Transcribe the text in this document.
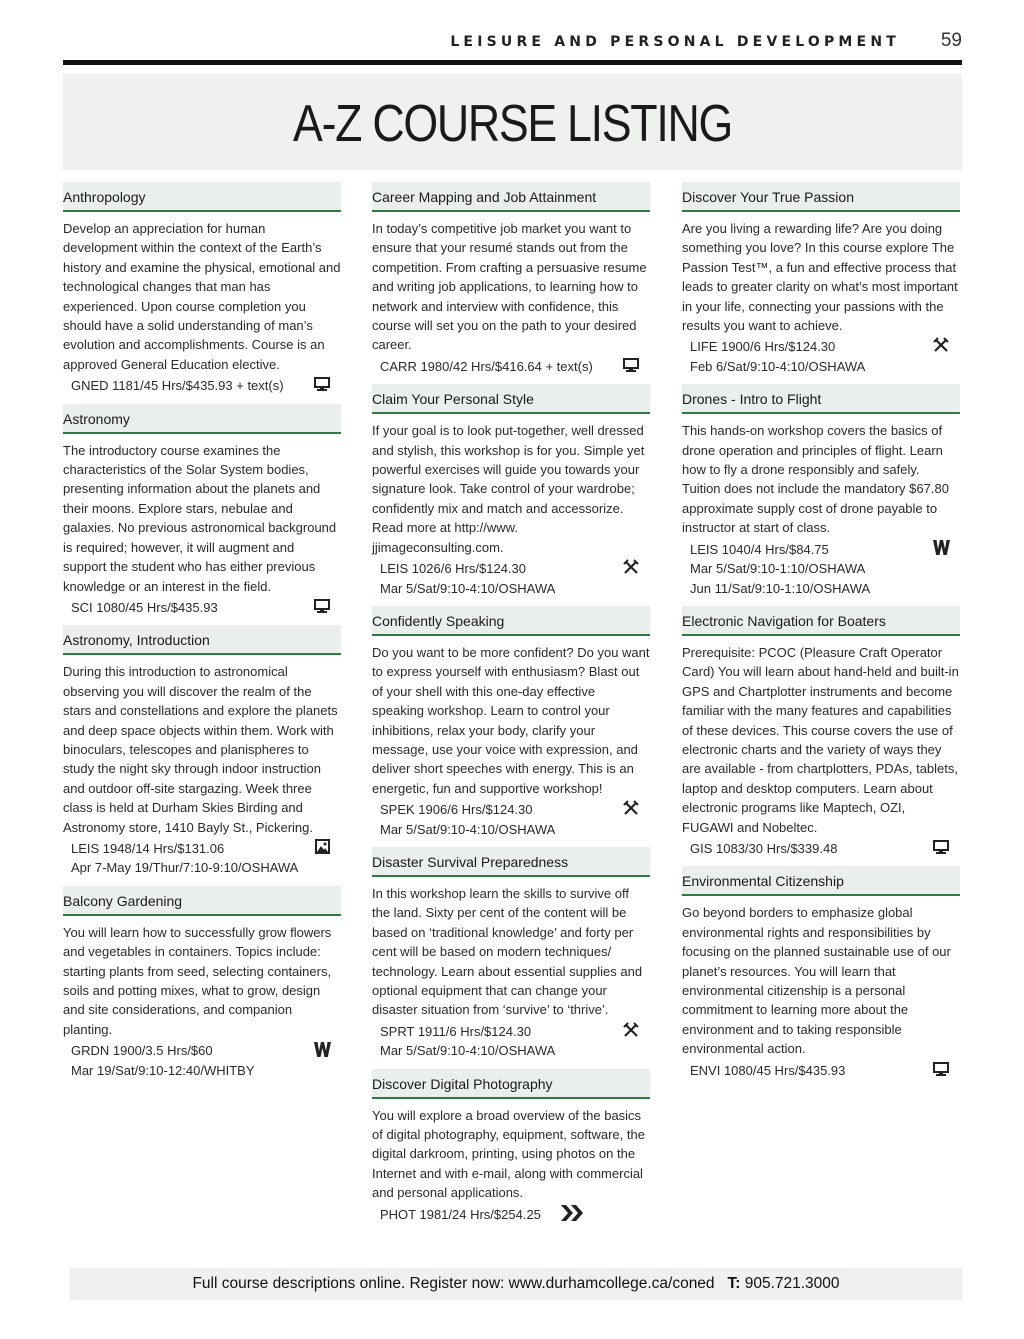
LEISURE AND PERSONAL DEVELOPMENT 59
A-Z COURSE LISTING
Anthropology
Develop an appreciation for human development within the context of the Earth’s history and examine the physical, emotional and technological changes that man has experienced. Upon course completion you should have a solid understanding of man’s evolution and accomplishments. Course is an approved General Education elective.
GNED 1181/45 Hrs/$435.93 + text(s)
Astronomy
The introductory course examines the characteristics of the Solar System bodies, presenting information about the planets and their moons. Explore stars, nebulae and galaxies. No previous astronomical background is required; however, it will augment and support the student who has either previous knowledge or an interest in the field.
SCI 1080/45 Hrs/$435.93
Astronomy, Introduction
During this introduction to astronomical observing you will discover the realm of the stars and constellations and explore the planets and deep space objects within them. Work with binoculars, telescopes and planispheres to study the night sky through indoor instruction and outdoor off-site stargazing. Week three class is held at Durham Skies Birding and Astronomy store, 1410 Bayly St., Pickering.
LEIS 1948/14 Hrs/$131.06
Apr 7-May 19/Thur/7:10-9:10/OSHAWA
Balcony Gardening
You will learn how to successfully grow flowers and vegetables in containers. Topics include: starting plants from seed, selecting containers, soils and potting mixes, what to grow, design and site considerations, and companion planting.
GRDN 1900/3.5 Hrs/$60
Mar 19/Sat/9:10-12:40/WHITBY
Career Mapping and Job Attainment
In today’s competitive job market you want to ensure that your resumé stands out from the competition. From crafting a persuasive resume and writing job applications, to learning how to network and interview with confidence, this course will set you on the path to your desired career.
CARR 1980/42 Hrs/$416.64 + text(s)
Claim Your Personal Style
If your goal is to look put-together, well dressed and stylish, this workshop is for you. Simple yet powerful exercises will guide you towards your signature look. Take control of your wardrobe; confidently mix and match and accessorize. Read more at http://www. jjimageconsulting.com.
LEIS 1026/6 Hrs/$124.30
Mar 5/Sat/9:10-4:10/OSHAWA
Confidently Speaking
Do you want to be more confident? Do you want to express yourself with enthusiasm? Blast out of your shell with this one-day effective speaking workshop. Learn to control your inhibitions, relax your body, clarify your message, use your voice with expression, and deliver short speeches with energy. This is an energetic, fun and supportive workshop!
SPEK 1906/6 Hrs/$124.30
Mar 5/Sat/9:10-4:10/OSHAWA
Disaster Survival Preparedness
In this workshop learn the skills to survive off the land. Sixty per cent of the content will be based on ‘traditional knowledge’ and forty per cent will be based on modern techniques/ technology. Learn about essential supplies and optional equipment that can change your disaster situation from ‘survive’ to ‘thrive’.
SPRT 1911/6 Hrs/$124.30
Mar 5/Sat/9:10-4:10/OSHAWA
Discover Digital Photography
You will explore a broad overview of the basics of digital photography, equipment, software, the digital darkroom, printing, using photos on the Internet and with e-mail, along with commercial and personal applications.
PHOT 1981/24 Hrs/$254.25
Discover Your True Passion
Are you living a rewarding life? Are you doing something you love? In this course explore The Passion Test™, a fun and effective process that leads to greater clarity on what’s most important in your life, connecting your passions with the results you want to achieve.
LIFE 1900/6 Hrs/$124.30
Feb 6/Sat/9:10-4:10/OSHAWA
Drones - Intro to Flight
This hands-on workshop covers the basics of drone operation and principles of flight. Learn how to fly a drone responsibly and safely. Tuition does not include the mandatory $67.80 approximate supply cost of drone payable to instructor at start of class.
LEIS 1040/4 Hrs/$84.75
Mar 5/Sat/9:10-1:10/OSHAWA
Jun 11/Sat/9:10-1:10/OSHAWA
Electronic Navigation for Boaters
Prerequisite: PCOC (Pleasure Craft Operator Card) You will learn about hand-held and built-in GPS and Chartplotter instruments and become familiar with the many features and capabilities of these devices. This course covers the use of electronic charts and the variety of ways they are available - from chartplotters, PDAs, tablets, laptop and desktop computers. Learn about electronic programs like Maptech, OZI, FUGAWI and Nobeltec.
GIS 1083/30 Hrs/$339.48
Environmental Citizenship
Go beyond borders to emphasize global environmental rights and responsibilities by focusing on the planned sustainable use of our planet’s resources. You will learn that environmental citizenship is a personal commitment to learning more about the environment and to taking responsible environmental action.
ENVI 1080/45 Hrs/$435.93
Full course descriptions online. Register now: www.durhamcollege.ca/coned T: 905.721.3000
